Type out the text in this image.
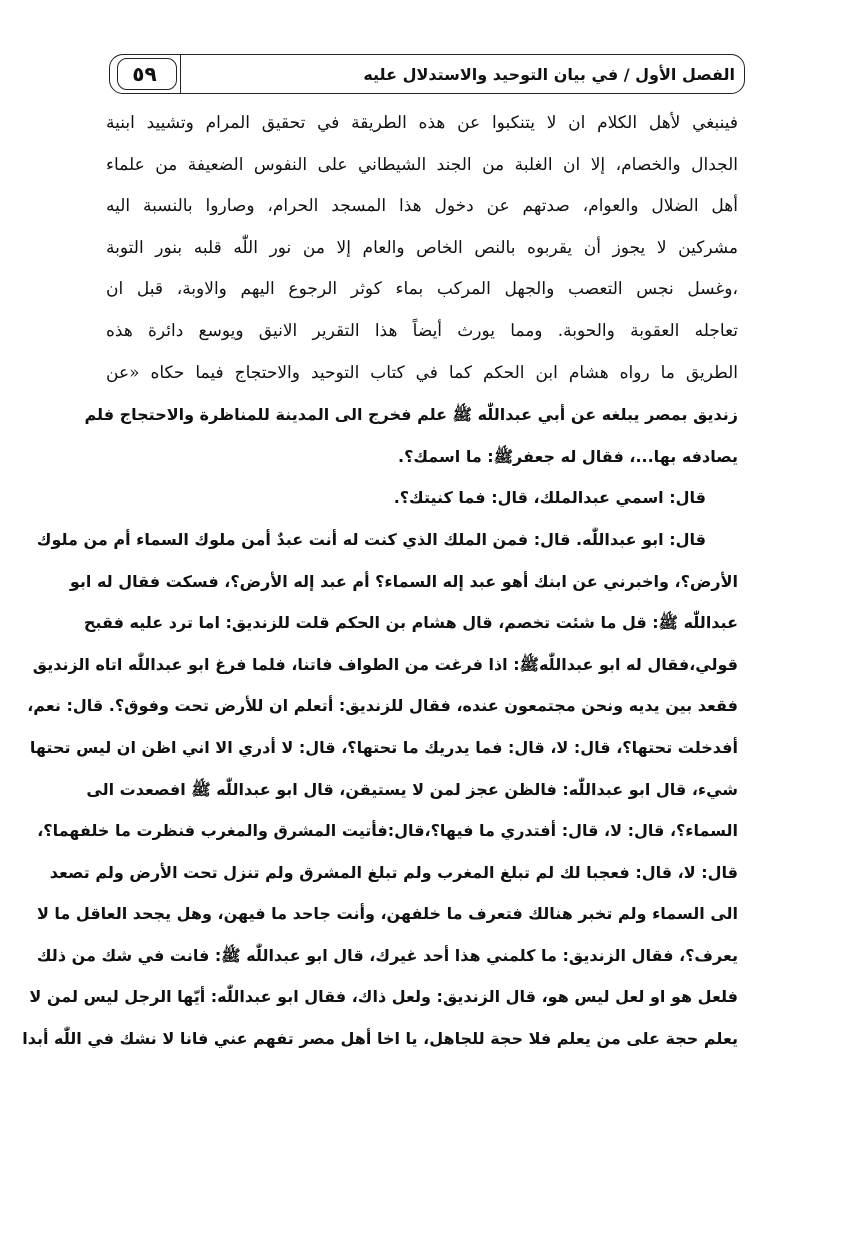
٥٩	الفصل الأول / في بيان التوحيد والاستدلال عليه
فينبغي لأهل الكلام ان لا يتنكبوا عن هذه الطريقة في تحقيق المرام وتشييد ابنية
الجدال والخصام، إلا ان الغلبة من الجند الشيطاني على النفوس الضعيفة من علماء
أهل الضلال والعوام، صدتهم عن دخول هذا المسجد الحرام، وصاروا بالنسبة اليه
مشركين لا يجوز أن يقربوه بالنص الخاص والعام إلا من نور اللّٰه قلبه بنور التوبة
،وغسل نجس التعصب والجهل المركب بماء كوثر الرجوع اليهم والاوبة، قبل ان
تعاجله العقوبة والحوبة. ومما يورث أيضاً هذا التقرير الانيق ويوسع دائرة هذه
الطريق ما رواه هشام ابن الحكم كما في كتاب التوحيد والاحتجاج فيما حكاه «عن
زنديق بمصر يبلغه عن أبي عبداللّٰه ﷺ علم فخرج الى المدينة للمناظرة والاحتجاج فلم
يصادفه بها...، فقال له جعفرﷺ: ما اسمك؟.
قال: اسمي عبدالملك، قال: فما كنيتك؟.
قال: ابو عبداللّٰه. قال: فمن الملك الذي كنت له أنت عبدٌ أمن ملوك السماء أم من ملوك
الأرض؟، واخبرني عن ابنك أهو عبد إله السماء؟ أم عبد إله الأرض؟، فسكت فقال له ابو
عبداللّٰه ﷺ: قل ما شئت تخصم، قال هشام بن الحكم قلت للزنديق: اما ترد عليه فقبح
قولي،فقال له ابو عبداللّٰهﷺ: اذا فرغت من الطواف فاتنا، فلما فرغ ابو عبداللّٰه اتاه الزنديق
فقعد بين يديه ونحن مجتمعون عنده، فقال للزنديق: أتعلم ان للأرض تحت وفوق؟. قال: نعم،
أفدخلت تحتها؟، قال: لا، قال: فما يدريك ما تحتها؟، قال: لا أدري الا اني اظن ان ليس تحتها
شيء، قال ابو عبداللّٰه: فالظن عجز لمن لا يستيقن، قال ابو عبداللّٰه ﷺ افصعدت الى
السماء؟، قال: لا، قال: أفتدري ما فيها؟،قال:فأتيت المشرق والمغرب فنظرت ما خلفهما؟،
قال: لا، قال: فعجبا لك لم تبلغ المغرب ولم تبلغ المشرق ولم تنزل تحت الأرض ولم تصعد
الى السماء ولم تخبر هنالك فتعرف ما خلفهن، وأنت جاحد ما فيهن، وهل يجحد العاقل ما لا
يعرف؟، فقال الزنديق: ما كلمني هذا أحد غيرك، قال ابو عبداللّٰه ﷺ: فانت في شك من ذلك
فلعل هو او لعل ليس هو، قال الزنديق: ولعل ذاك، فقال ابو عبداللّٰه: أيّها الرجل ليس لمن لا
يعلم حجة على من يعلم فلا حجة للجاهل، يا اخا أهل مصر تفهم عني فانا لا نشك في اللّٰه أبدا
